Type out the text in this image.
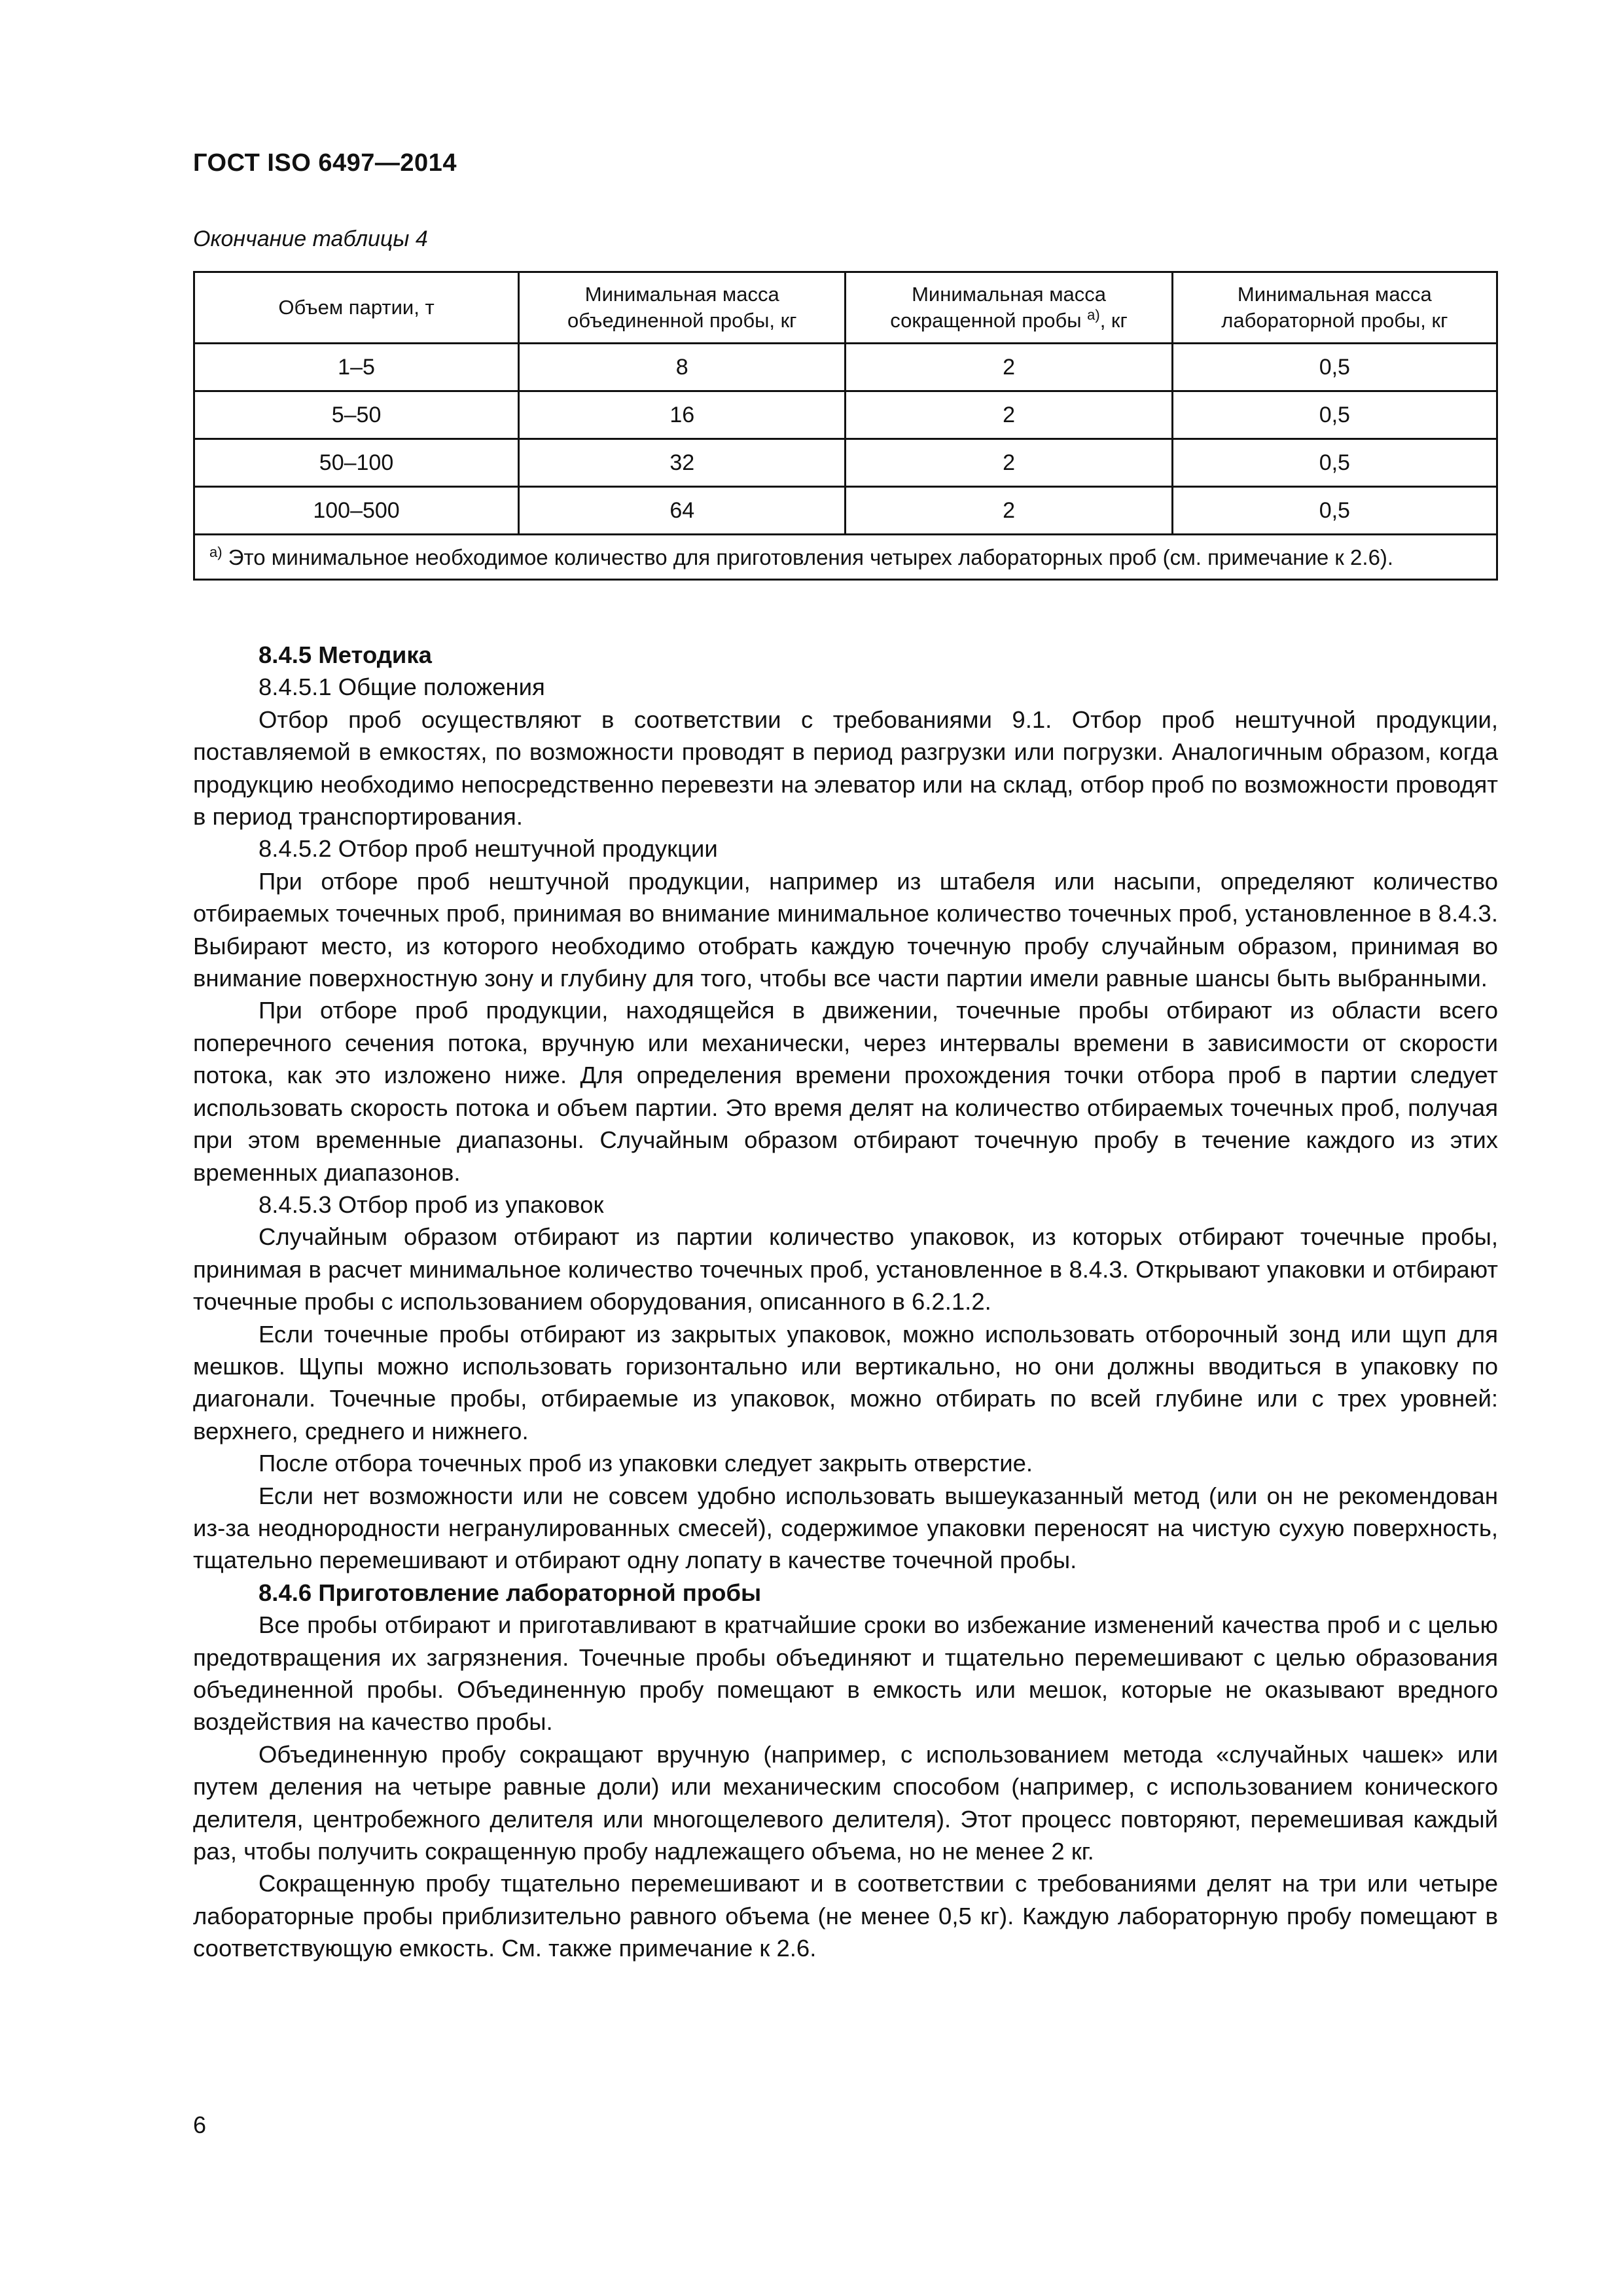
ГОСТ ISO 6497—2014
Окончание таблицы 4
Объем партии, т	Минимальная масса объединенной пробы, кг	Минимальная масса сокращенной пробы $^{а)}$, кг	Минимальная масса лабораторной пробы, кг
1–5	8	2	0,5
5–50	16	2	0,5
50–100	32	2	0,5
100–500	64	2	0,5
$^{а)}$ Это минимальное необходимое количество для приготовления четырех лабораторных проб (см. примечание к 2.6).			

8.4.5 Методика

8.4.5.1 Общие положения

Отбор проб осуществляют в соответствии с требованиями 9.1. Отбор проб нештучной продукции, поставляемой в емкостях, по возможности проводят в период разгрузки или погрузки. Аналогичным образом, когда продукцию необходимо непосредственно перевезти на элеватор или на склад, отбор проб по возможности проводят в период транспортирования.

8.4.5.2 Отбор проб нештучной продукции

При отборе проб нештучной продукции, например из штабеля или насыпи, определяют количество отбираемых точечных проб, принимая во внимание минимальное количество точечных проб, установленное в 8.4.3. Выбирают место, из которого необходимо отобрать каждую точечную пробу случайным образом, принимая во внимание поверхностную зону и глубину для того, чтобы все части партии имели равные шансы быть выбранными.

При отборе проб продукции, находящейся в движении, точечные пробы отбирают из области всего поперечного сечения потока, вручную или механически, через интервалы времени в зависимости от скорости потока, как это изложено ниже. Для определения времени прохождения точки отбора проб в партии следует использовать скорость потока и объем партии. Это время делят на количество отбираемых точечных проб, получая при этом временные диапазоны. Случайным образом отбирают точечную пробу в течение каждого из этих временных диапазонов.

8.4.5.3 Отбор проб из упаковок

Случайным образом отбирают из партии количество упаковок, из которых отбирают точечные пробы, принимая в расчет минимальное количество точечных проб, установленное в 8.4.3. Открывают упаковки и отбирают точечные пробы с использованием оборудования, описанного в 6.2.1.2.

Если точечные пробы отбирают из закрытых упаковок, можно использовать отборочный зонд или щуп для мешков. Щупы можно использовать горизонтально или вертикально, но они должны вводиться в упаковку по диагонали. Точечные пробы, отбираемые из упаковок, можно отбирать по всей глубине или с трех уровней: верхнего, среднего и нижнего.

После отбора точечных проб из упаковки следует закрыть отверстие.

Если нет возможности или не совсем удобно использовать вышеуказанный метод (или он не рекомендован из-за неоднородности негранулированных смесей), содержимое упаковки переносят на чистую сухую поверхность, тщательно перемешивают и отбирают одну лопату в качестве точечной пробы.

8.4.6 Приготовление лабораторной пробы

Все пробы отбирают и приготавливают в кратчайшие сроки во избежание изменений качества проб и с целью предотвращения их загрязнения. Точечные пробы объединяют и тщательно перемешивают с целью образования объединенной пробы. Объединенную пробу помещают в емкость или мешок, которые не оказывают вредного воздействия на качество пробы.

Объединенную пробу сокращают вручную (например, с использованием метода «случайных чашек» или путем деления на четыре равные доли) или механическим способом (например, с использованием конического делителя, центробежного делителя или многощелевого делителя). Этот процесс повторяют, перемешивая каждый раз, чтобы получить сокращенную пробу надлежащего объема, но не менее 2 кг.

Сокращенную пробу тщательно перемешивают и в соответствии с требованиями делят на три или четыре лабораторные пробы приблизительно равного объема (не менее 0,5 кг). Каждую лабораторную пробу помещают в соответствующую емкость. См. также примечание к 2.6.

6
